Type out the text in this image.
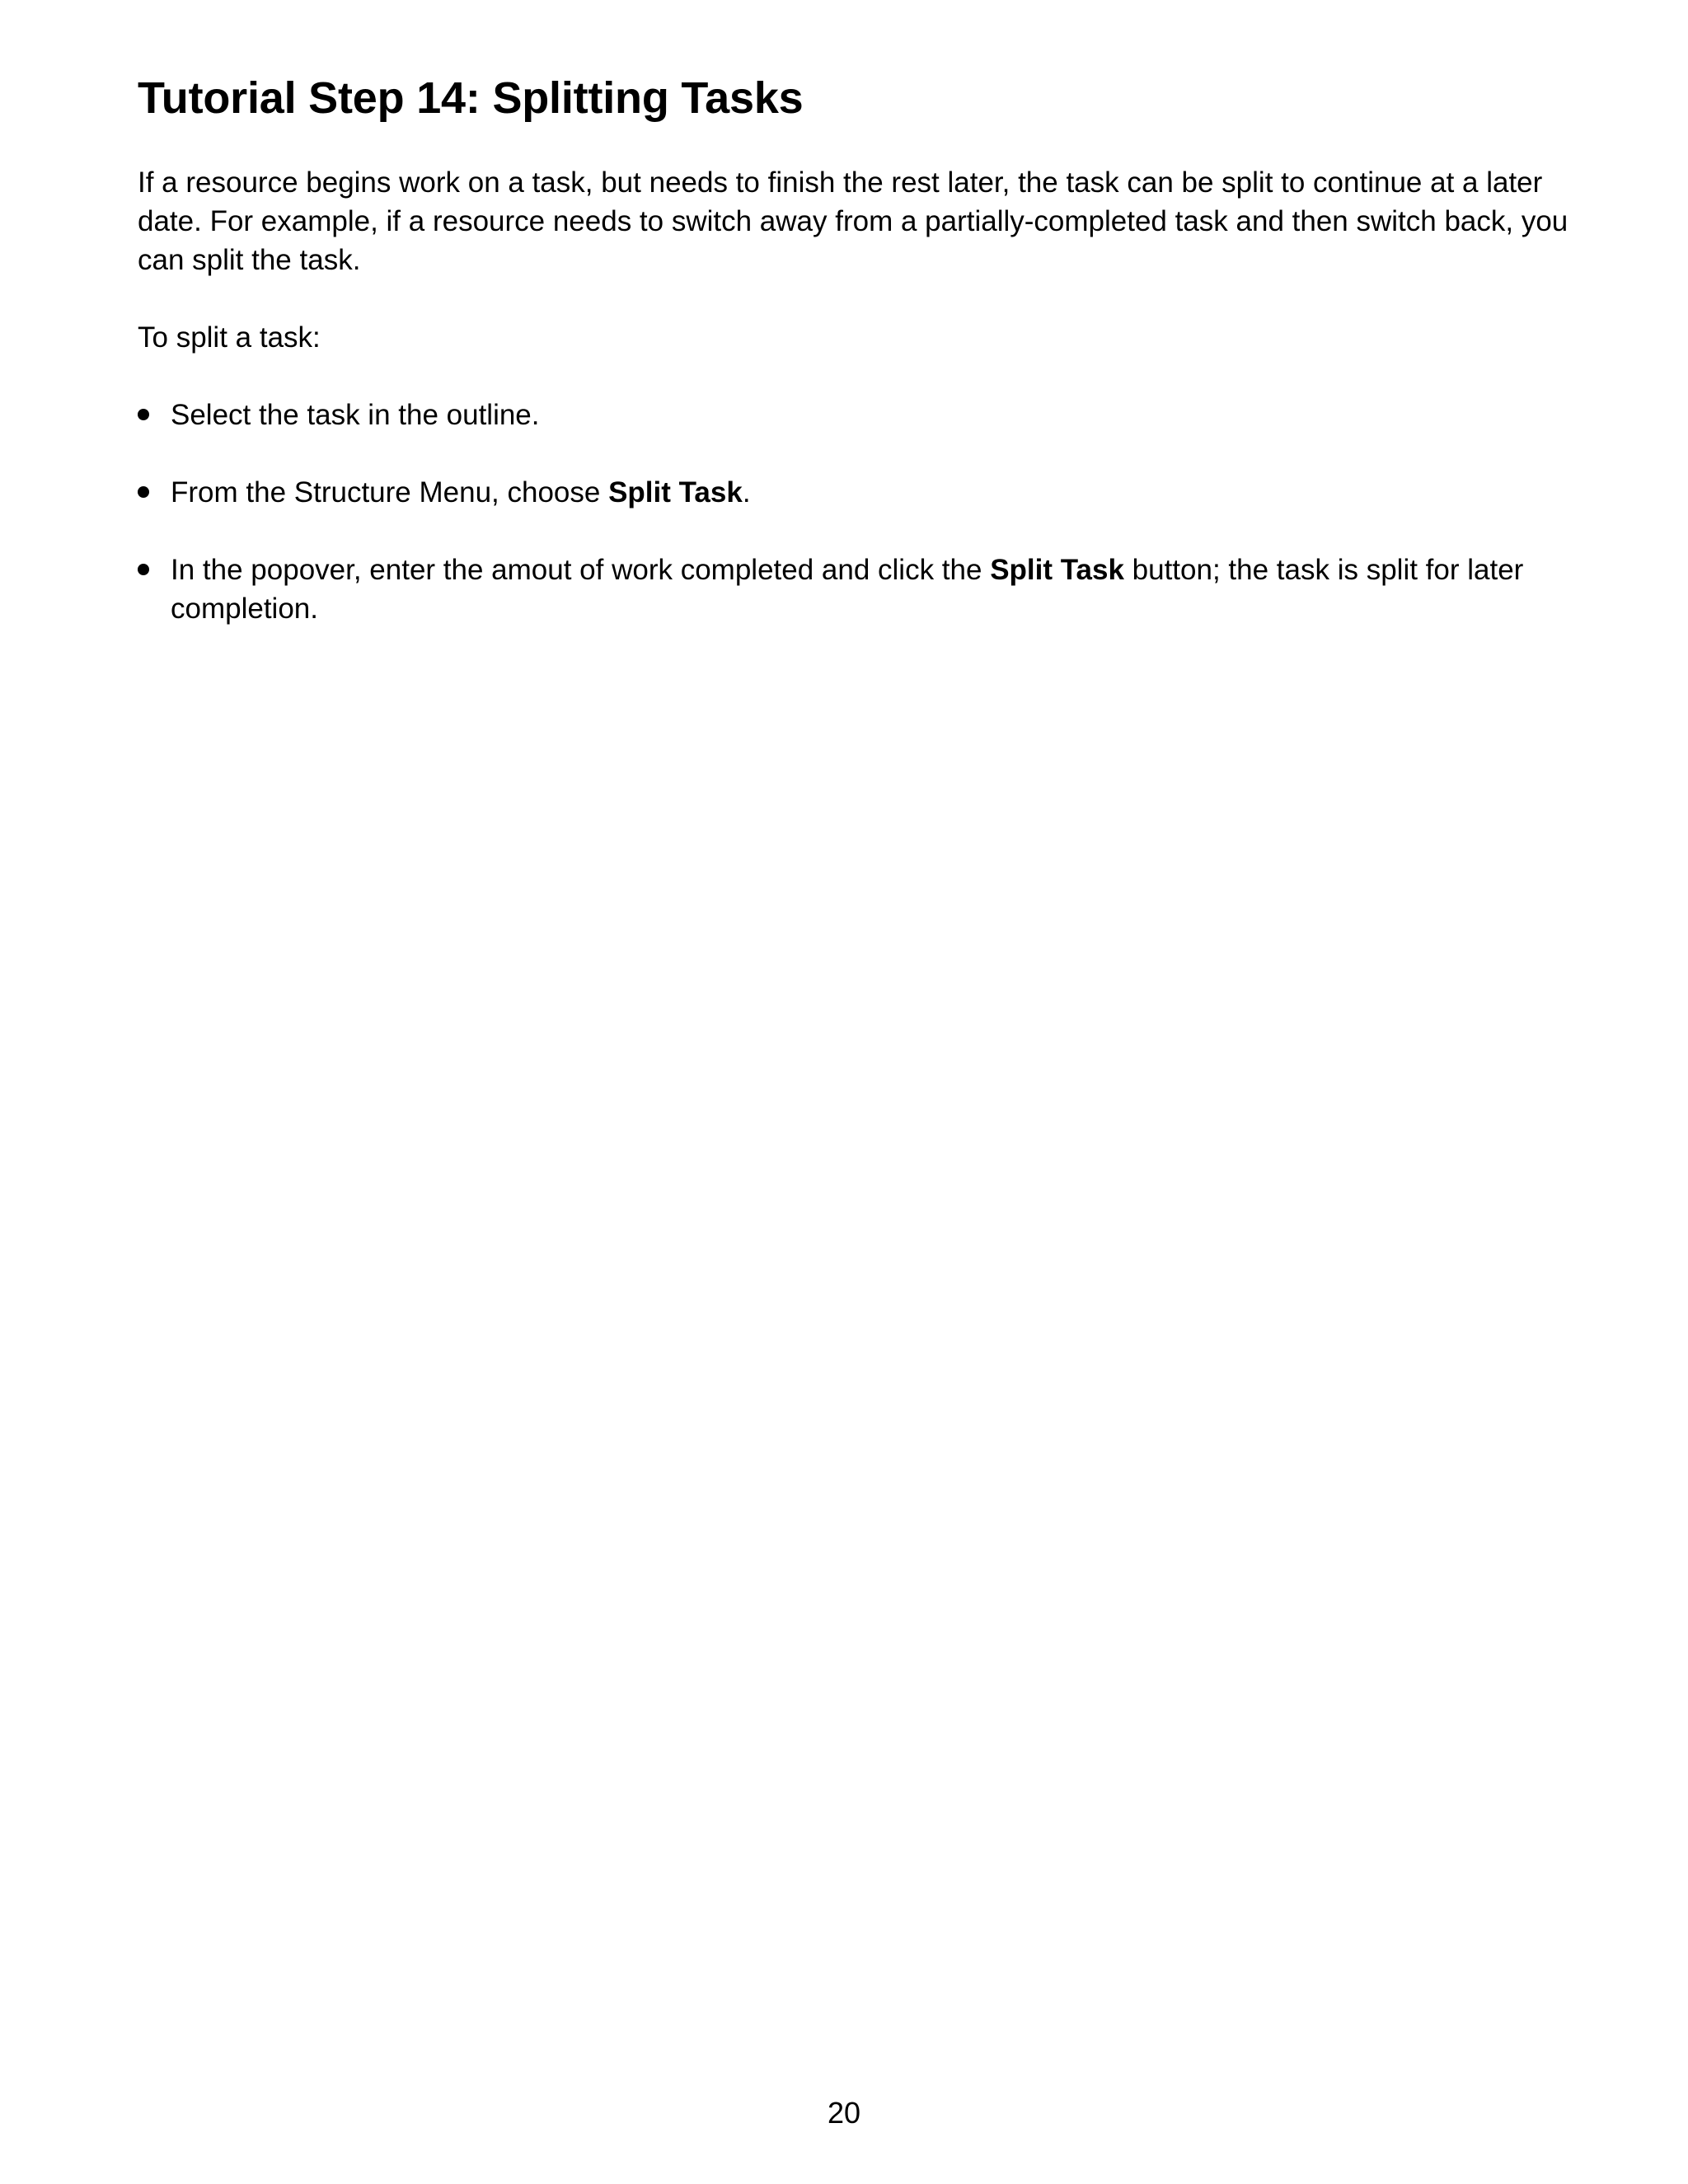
Tutorial Step 14: Splitting Tasks

If a resource begins work on a task, but needs to finish the rest later, the task can be split to continue at a later date. For example, if a resource needs to switch away from a partially-completed task and then switch back, you can split the task.

To split a task:

Select the task in the outline.
From the Structure Menu, choose Split Task.
In the popover, enter the amout of work completed and click the Split Task button; the task is split for later completion.
20
